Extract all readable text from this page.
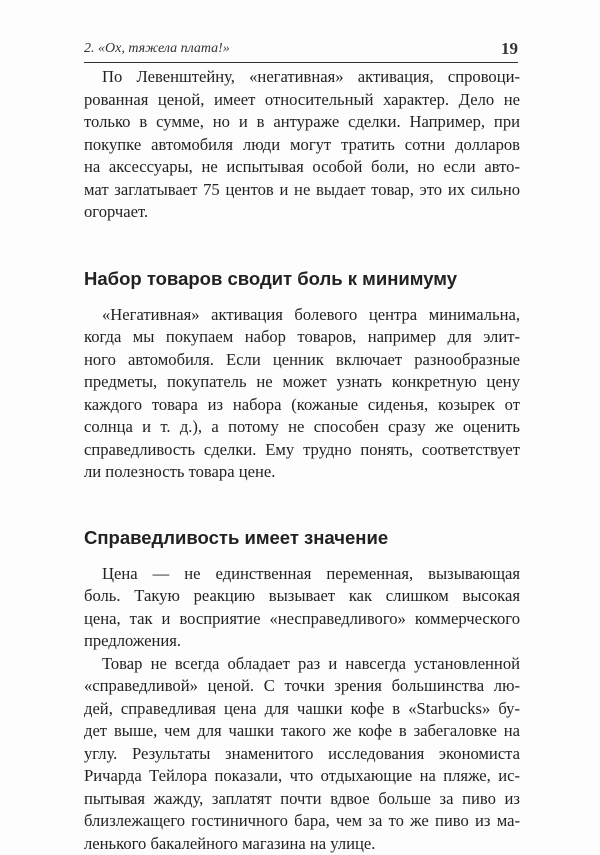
2. «Ох, тяжела плата!»	19

По Левенштейну, «негативная» активация, спровоци-
рованная ценой, имеет относительный характер. Дело не
только в сумме, но и в антураже сделки. Например, при
покупке автомобиля люди могут тратить сотни долларов
на аксессуары, не испытывая особой боли, но если авто-
мат заглатывает 75 центов и не выдает товар, это их сильно
огорчает.

Набор товаров сводит боль к минимуму

«Негативная» активация болевого центра минимальна,
когда мы покупаем набор товаров, например для элит-
ного автомобиля. Если ценник включает разнообразные
предметы, покупатель не может узнать конкретную цену
каждого товара из набора (кожаные сиденья, козырек от
солнца и т. д.), а потому не способен сразу же оценить
справедливость сделки. Ему трудно понять, соответствует
ли полезность товара цене.

Справедливость имеет значение

Цена — не единственная переменная, вызывающая
боль. Такую реакцию вызывает как слишком высокая
цена, так и восприятие «несправедливого» коммерческого
предложения.

Товар не всегда обладает раз и навсегда установленной
«справедливой» ценой. С точки зрения большинства лю-
дей, справедливая цена для чашки кофе в «Starbucks» бу-
дет выше, чем для чашки такого же кофе в забегаловке на
углу. Результаты знаменитого исследования экономиста
Ричарда Тейлора показали, что отдыхающие на пляже, ис-
пытывая жажду, заплатят почти вдвое больше за пиво из
близлежащего гостиничного бара, чем за то же пиво из ма-
ленького бакалейного магазина на улице.
